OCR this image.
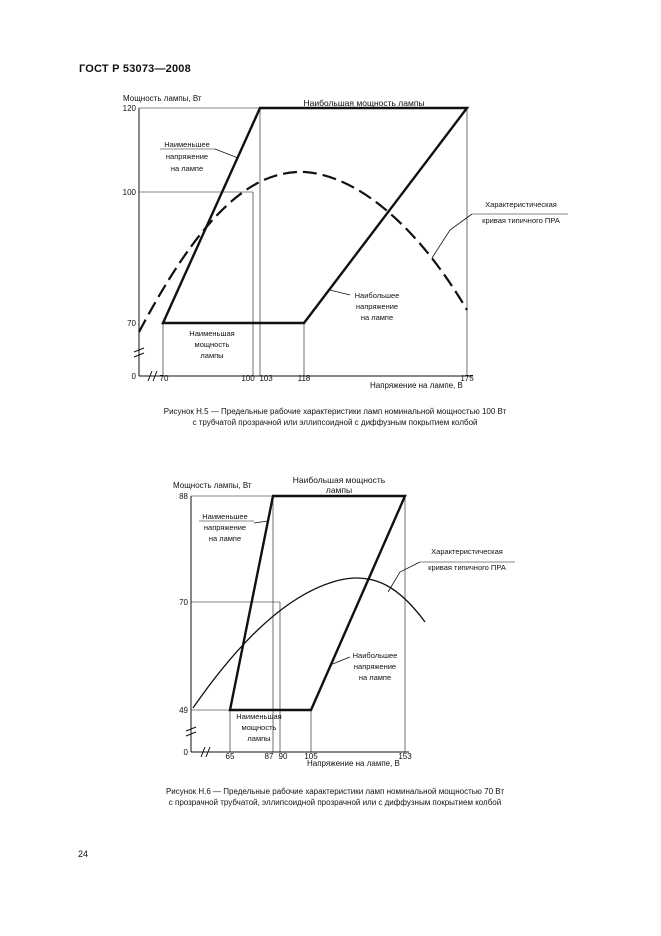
ГОСТ Р 53073—2008
Мощность лампы, Вт
Напряжение на лампе, В
120
100
70
0	70	100 103	118	175
Наибольшая мощность лампы
Наименьшее
напряжение
на лампе
Характеристическая
кривая типичного ПРА
Наибольшее
напряжение
на лампе
Наименьшая
мощность
лампы
Рисунок Н.5 — Предельные рабочие характеристики ламп номинальной мощностью 100 Вт
с трубчатой прозрачной или эллипсоидной с диффузным покрытием колбой
Мощность лампы, Вт
Напряжение на лампе, В
88
70
49
0	65	87 90 105	153
Наибольшая мощность
лампы
Наименьшее
напряжение
на лампе
Характеристическая
кривая типичного ПРА
Наибольшее
напряжение
на лампе
Наименьшая
мощность
лампы
Рисунок Н.6 — Предельные рабочие характеристики ламп номинальной мощностью 70 Вт
с прозрачной трубчатой, эллипсоидной прозрачной или с диффузным покрытием колбой
24
